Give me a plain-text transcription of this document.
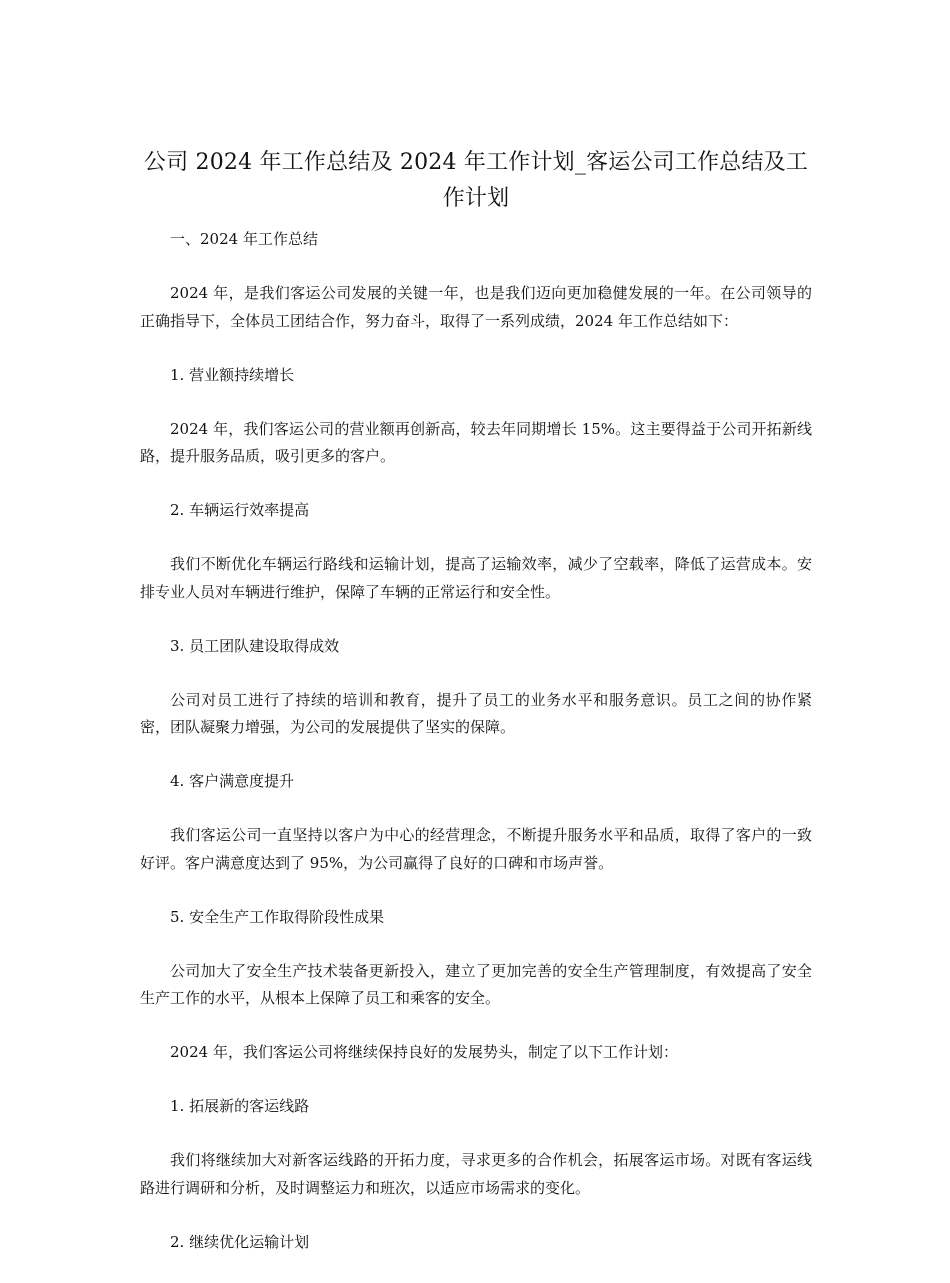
公司 2024 年工作总结及 2024 年工作计划_客运公司工作总结及工作计划

一、2024 年工作总结

2024 年，是我们客运公司发展的关键一年，也是我们迈向更加稳健发展的一年。在公司领导的正确指导下，全体员工团结合作，努力奋斗，取得了一系列成绩，2024 年工作总结如下：

1. 营业额持续增长

2024 年，我们客运公司的营业额再创新高，较去年同期增长 15%。这主要得益于公司开拓新线路，提升服务品质，吸引更多的客户。

2. 车辆运行效率提高

我们不断优化车辆运行路线和运输计划，提高了运输效率，减少了空载率，降低了运营成本。安排专业人员对车辆进行维护，保障了车辆的正常运行和安全性。

3. 员工团队建设取得成效

公司对员工进行了持续的培训和教育，提升了员工的业务水平和服务意识。员工之间的协作紧密，团队凝聚力增强，为公司的发展提供了坚实的保障。

4. 客户满意度提升

我们客运公司一直坚持以客户为中心的经营理念，不断提升服务水平和品质，取得了客户的一致好评。客户满意度达到了 95%，为公司赢得了良好的口碑和市场声誉。

5. 安全生产工作取得阶段性成果

公司加大了安全生产技术装备更新投入，建立了更加完善的安全生产管理制度，有效提高了安全生产工作的水平，从根本上保障了员工和乘客的安全。

2024 年，我们客运公司将继续保持良好的发展势头，制定了以下工作计划：

1. 拓展新的客运线路

我们将继续加大对新客运线路的开拓力度，寻求更多的合作机会，拓展客运市场。对既有客运线路进行调研和分析，及时调整运力和班次，以适应市场需求的变化。

2. 继续优化运输计划
